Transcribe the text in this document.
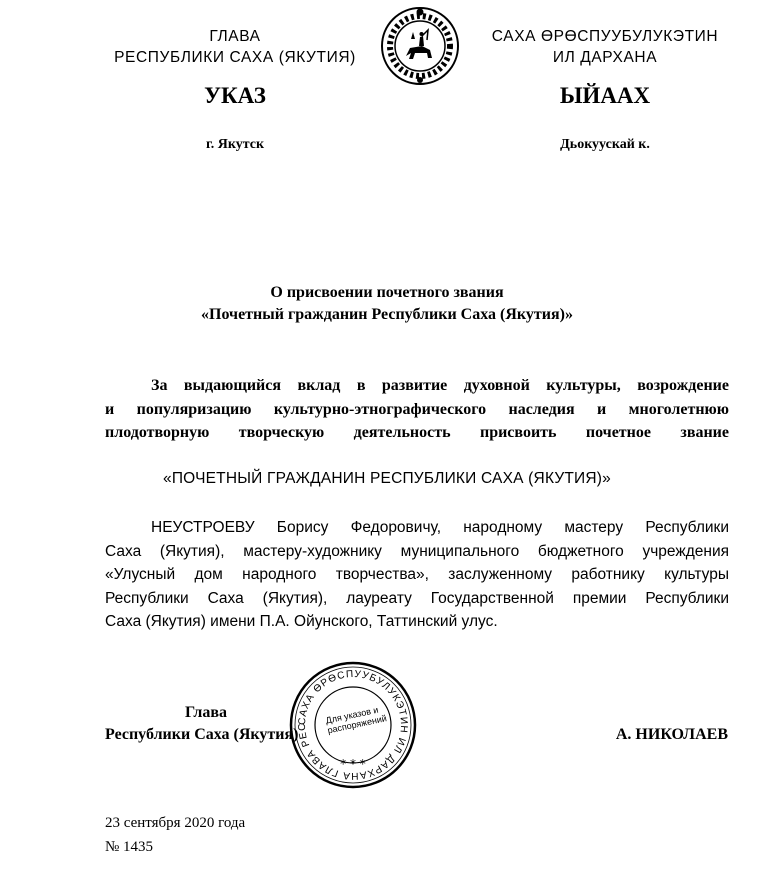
ГЛАВА
РЕСПУБЛИКИ САХА (ЯКУТИЯ)
САХА ӨРӨСПУУБУЛУКЭТИН
ИЛ ДАРХАНА
УКАЗ	ЫЙААХ
г. Якутск	Дьокуускай к.
О присвоении почетного звания
«Почетный гражданин Республики Саха (Якутия)»
За выдающийся вклад в развитие духовной культуры, возрождение
и популяризацию культурно-этнографического наследия и многолетнюю
плодотворную творческую деятельность присвоить почетное звание
«ПОЧЕТНЫЙ ГРАЖДАНИН РЕСПУБЛИКИ САХА (ЯКУТИЯ)»
НЕУСТРОЕВУ Борису Федоровичу, народному мастеру Республики
Саха (Якутия), мастеру-художнику муниципального бюджетного учреждения
«Улусный дом народного творчества», заслуженному работнику культуры
Республики Саха (Якутия), лауреату Государственной премии Республики
Саха (Якутия) имени П.А. Ойунского, Таттинский улус.
САХА ӨРӨСПУУБУЛУКЭТИН ИЛ ДАРХАНА ГЛАВА РЕС
* * *
Для указов и распоряжений
Глава
Республики Саха (Якутия)	А. НИКОЛАЕВ
23 сентября 2020 года
№ 1435
